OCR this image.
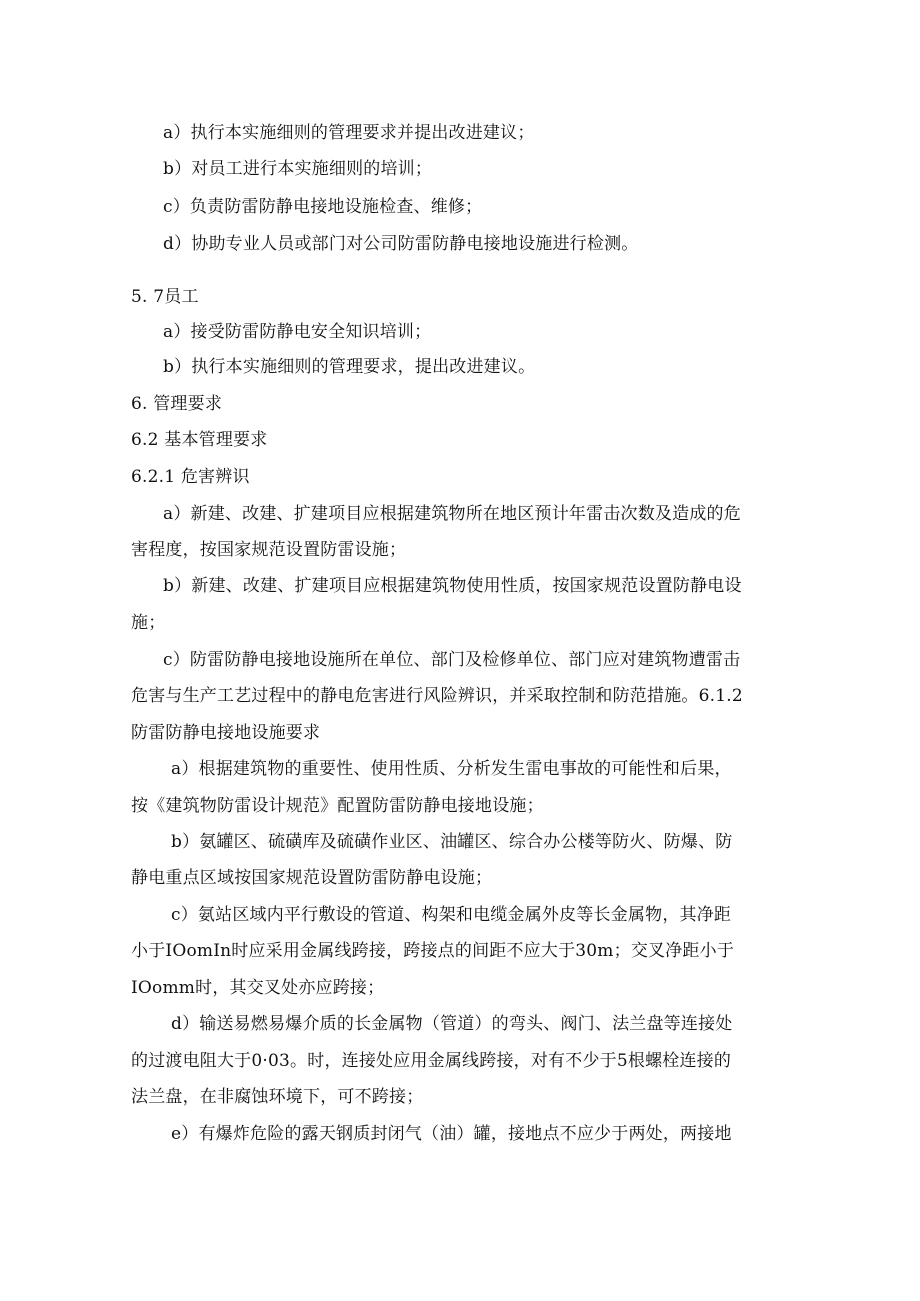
a）执行本实施细则的管理要求并提出改进建议；
b）对员工进行本实施细则的培训；
c）负责防雷防静电接地设施检查、维修；
d）协助专业人员或部门对公司防雷防静电接地设施进行检测。
5. 7员工
a）接受防雷防静电安全知识培训；
b）执行本实施细则的管理要求，提出改进建议。
6. 管理要求
6.2 基本管理要求
6.2.1 危害辨识
a）新建、改建、扩建项目应根据建筑物所在地区预计年雷击次数及造成的危
害程度，按国家规范设置防雷设施；
b）新建、改建、扩建项目应根据建筑物使用性质，按国家规范设置防静电设
施；
c）防雷防静电接地设施所在单位、部门及检修单位、部门应对建筑物遭雷击
危害与生产工艺过程中的静电危害进行风险辨识，并采取控制和防范措施。6.1.2
防雷防静电接地设施要求
a）根据建筑物的重要性、使用性质、分析发生雷电事故的可能性和后果，
按《建筑物防雷设计规范》配置防雷防静电接地设施；
b）氨罐区、硫磺库及硫磺作业区、油罐区、综合办公楼等防火、防爆、防
静电重点区域按国家规范设置防雷防静电设施；
c）氨站区域内平行敷设的管道、构架和电缆金属外皮等长金属物，其净距
小于IOomIn时应采用金属线跨接，跨接点的间距不应大于30m；交叉净距小于
IOomm时，其交叉处亦应跨接；
d）输送易燃易爆介质的长金属物（管道）的弯头、阀门、法兰盘等连接处
的过渡电阻大于0·03。时，连接处应用金属线跨接，对有不少于5根螺栓连接的
法兰盘，在非腐蚀环境下，可不跨接；
e）有爆炸危险的露天钢质封闭气（油）罐，接地点不应少于两处，两接地
